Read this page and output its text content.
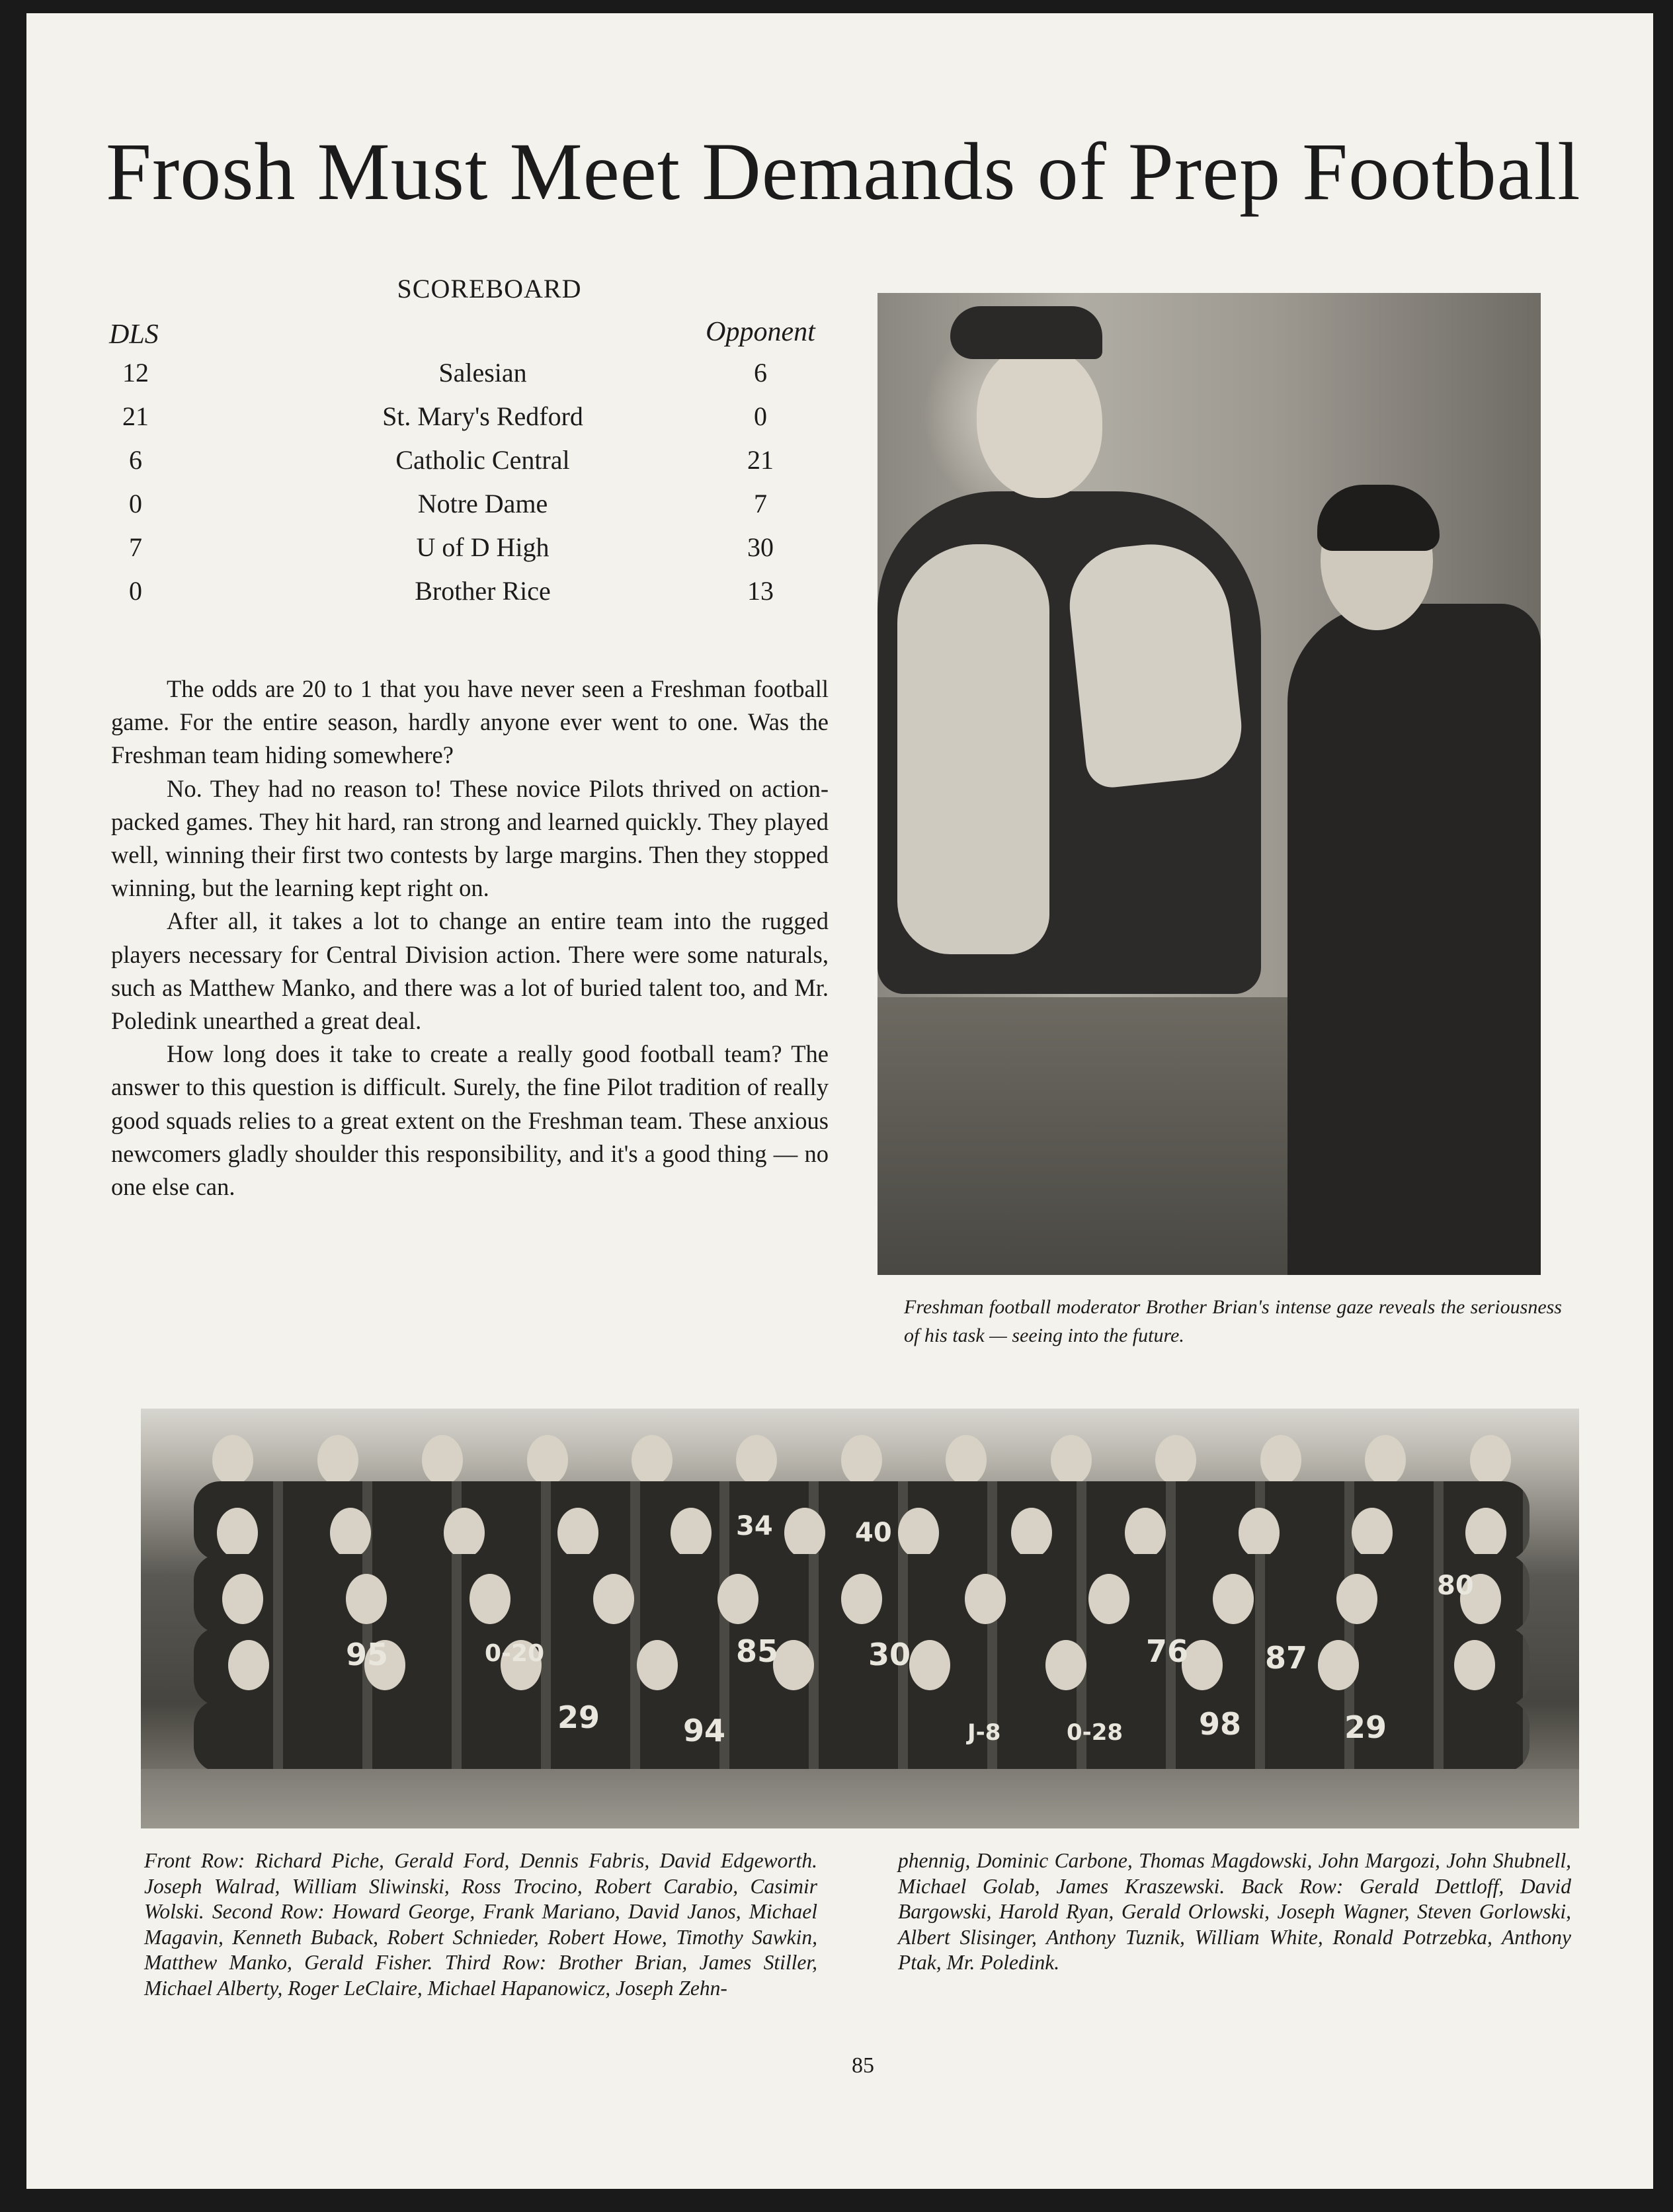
Frosh Must Meet Demands of Prep Football
SCOREBOARD
DLS	Opponent
12	Salesian	6
21	St. Mary's Redford	0
6	Catholic Central	21
0	Notre Dame	7
7	U of D High	30
0	Brother Rice	13

The odds are 20 to 1 that you have never seen a Freshman football game. For the entire season, hardly anyone ever went to one. Was the Freshman team hiding somewhere?

No. They had no reason to! These novice Pilots thrived on action-packed games. They hit hard, ran strong and learned quickly. They played well, winning their first two contests by large margins. Then they stopped winning, but the learning kept right on.

After all, it takes a lot to change an entire team into the rugged players necessary for Central Division action. There were some naturals, such as Matthew Manko, and there was a lot of buried talent too, and Mr. Poledink unearthed a great deal.

How long does it take to create a really good football team? The answer to this question is difficult. Surely, the fine Pilot tradition of really good squads relies to a great extent on the Freshman team. These anxious newcomers gladly shoulder this responsibility, and it's a good thing — no one else can.

Freshman football moderator Brother Brian's intense gaze reveals the seriousness of his task — seeing into the future.
95	0-20	85	30	76	87
29	94	98	29
J-8	0-28
34	40
80
Front Row: Richard Piche, Gerald Ford, Dennis Fabris, David Edgeworth. Joseph Walrad, William Sliwinski, Ross Trocino, Robert Carabio, Casimir Wolski. Second Row: Howard George, Frank Mariano, David Janos, Michael Magavin, Kenneth Buback, Robert Schnieder, Robert Howe, Timothy Sawkin, Matthew Manko, Gerald Fisher. Third Row: Brother Brian, James Stiller, Michael Alberty, Roger LeClaire, Michael Hapanowicz, Joseph Zehn-
phennig, Dominic Carbone, Thomas Magdowski, John Margozi, John Shubnell, Michael Golab, James Kraszewski. Back Row: Gerald Dettloff, David Bargowski, Harold Ryan, Gerald Orlowski, Joseph Wagner, Steven Gorlowski, Albert Slisinger, Anthony Tuznik, William White, Ronald Potrzebka, Anthony Ptak, Mr. Poledink.
85
